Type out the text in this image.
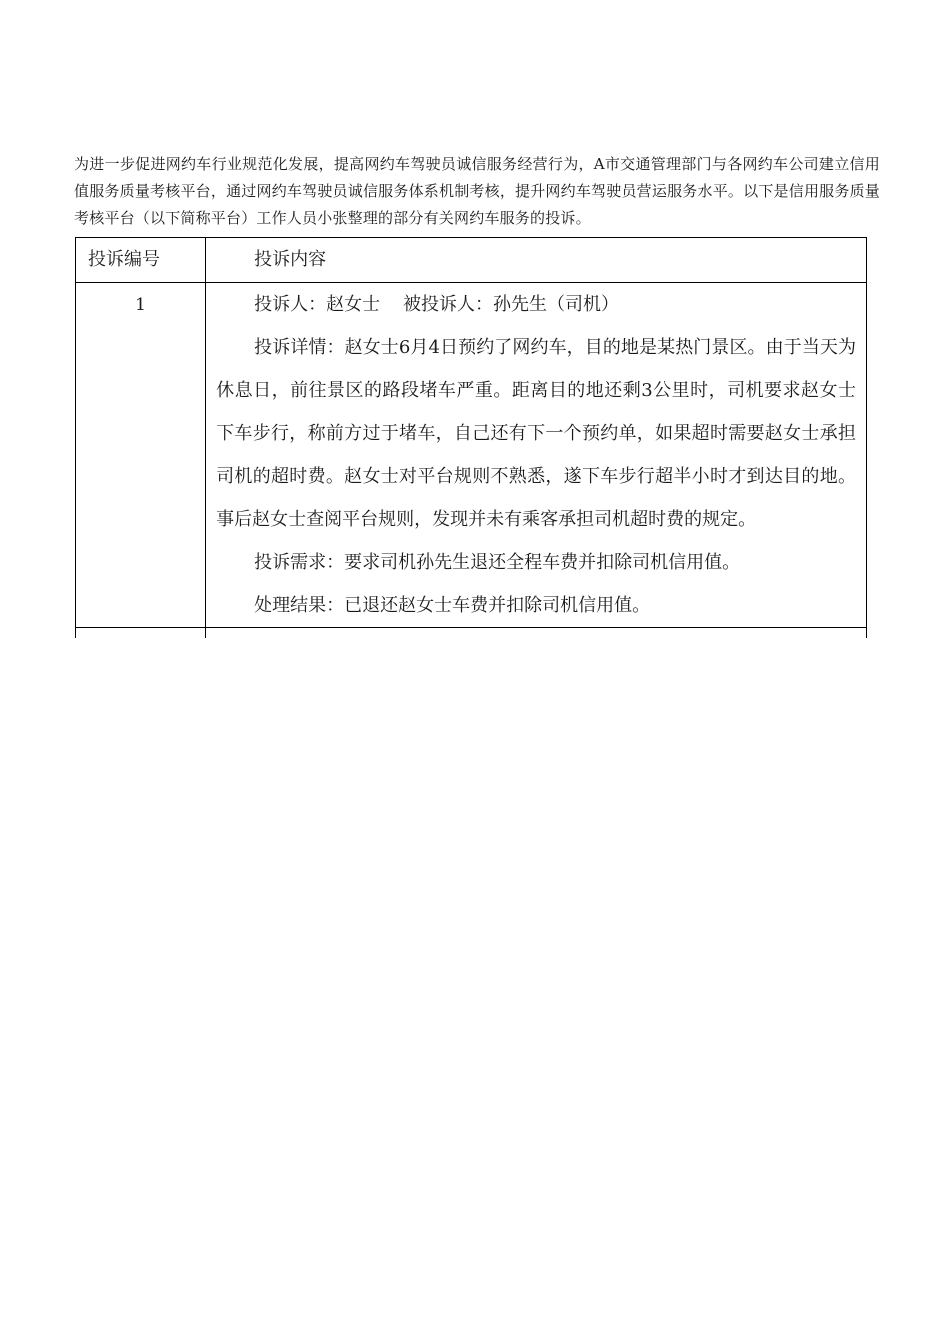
为进一步促进网约车行业规范化发展，提高网约车驾驶员诚信服务经营行为，A市交通管理部门与各网约车公司建立信用值服务质量考核平台，通过网约车驾驶员诚信服务体系机制考核，提升网约车驾驶员营运服务水平。以下是信用服务质量考核平台（以下简称平台）工作人员小张整理的部分有关网约车服务的投诉。

投诉编号	投诉内容
1	投诉人：赵女士 被投诉人：孙先生（司机）

投诉详情：赵女士6月4日预约了网约车，目的地是某热门景区。由于当天为休息日，前往景区的路段堵车严重。距离目的地还剩3公里时，司机要求赵女士下车步行，称前方过于堵车，自己还有下一个预约单，如果超时需要赵女士承担司机的超时费。赵女士对平台规则不熟悉，遂下车步行超半小时才到达目的地。事后赵女士查阅平台规则，发现并未有乘客承担司机超时费的规定。

投诉需求：要求司机孙先生退还全程车费并扣除司机信用值。

处理结果：已退还赵女士车费并扣除司机信用值。
